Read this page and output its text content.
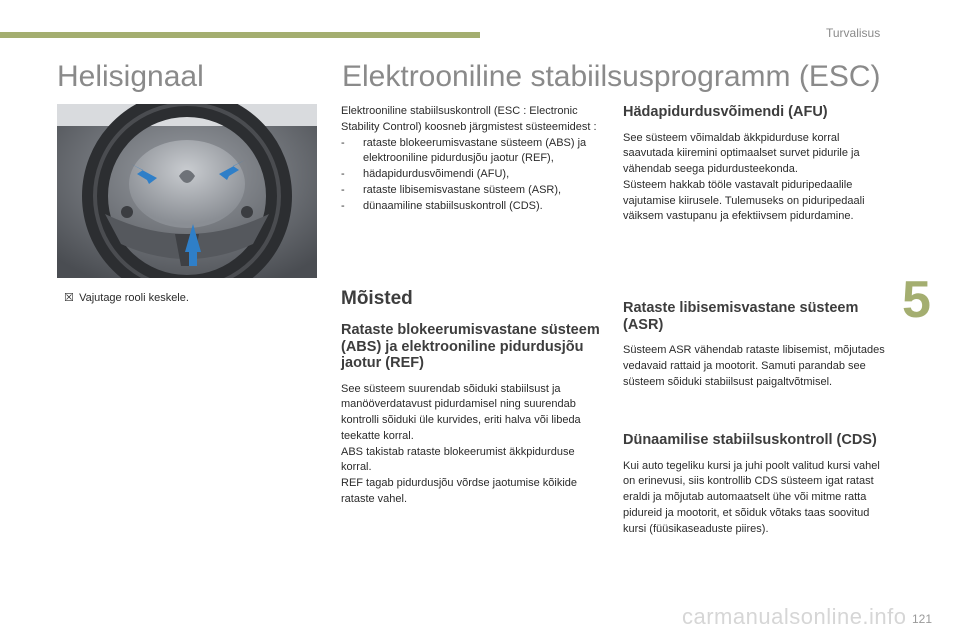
Turvalisus
Helisignaal	Elektrooniline stabiilsusprogramm (ESC)
☒ Vajutage rooli keskele.

Elektrooniline stabiilsuskontroll (ESC : Electronic Stability Control) koosneb järgmistest süsteemidest :

- rataste blokeerumisvastane süsteem (ABS) ja elektrooniline pidurdusjõu jaotur (REF),
- hädapidurdusvõimendi (AFU),
- rataste libisemisvastane süsteem (ASR),
- dünaamiline stabiilsuskontroll (CDS).
Mõisted
Rataste blokeerumisvastane süsteem (ABS) ja elektrooniline pidurdusjõu jaotur (REF)

See süsteem suurendab sõiduki stabiilsust ja manööverdatavust pidurdamisel ning suurendab kontrolli sõiduki üle kurvides, eriti halva või libeda teekatte korral.

ABS takistab rataste blokeerumist äkkpidurduse korral.

REF tagab pidurdusjõu võrdse jaotumise kõikide rataste vahel.

Hädapidurdusvõimendi (AFU)

See süsteem võimaldab äkkpidurduse korral saavutada kiiremini optimaalset survet pidurile ja vähendab seega pidurdusteekonda.

Süsteem hakkab tööle vastavalt piduripedaalile vajutamise kiirusele. Tulemuseks on piduripedaali väiksem vastupanu ja efektiivsem pidurdamine.

Rataste libisemisvastane süsteem (ASR)

Süsteem ASR vähendab rataste libisemist, mõjutades vedavaid rattaid ja mootorit. Samuti parandab see süsteem sõiduki stabiilsust paigaltvõtmisel.

Dünaamilise stabiilsuskontroll (CDS)

Kui auto tegeliku kursi ja juhi poolt valitud kursi vahel on erinevusi, siis kontrollib CDS süsteem igat ratast eraldi ja mõjutab automaatselt ühe või mitme ratta pidureid ja mootorit, et sõiduk võtaks taas soovitud kursi (füüsikaseaduste piires).

5
carmanualsonline.info 121
